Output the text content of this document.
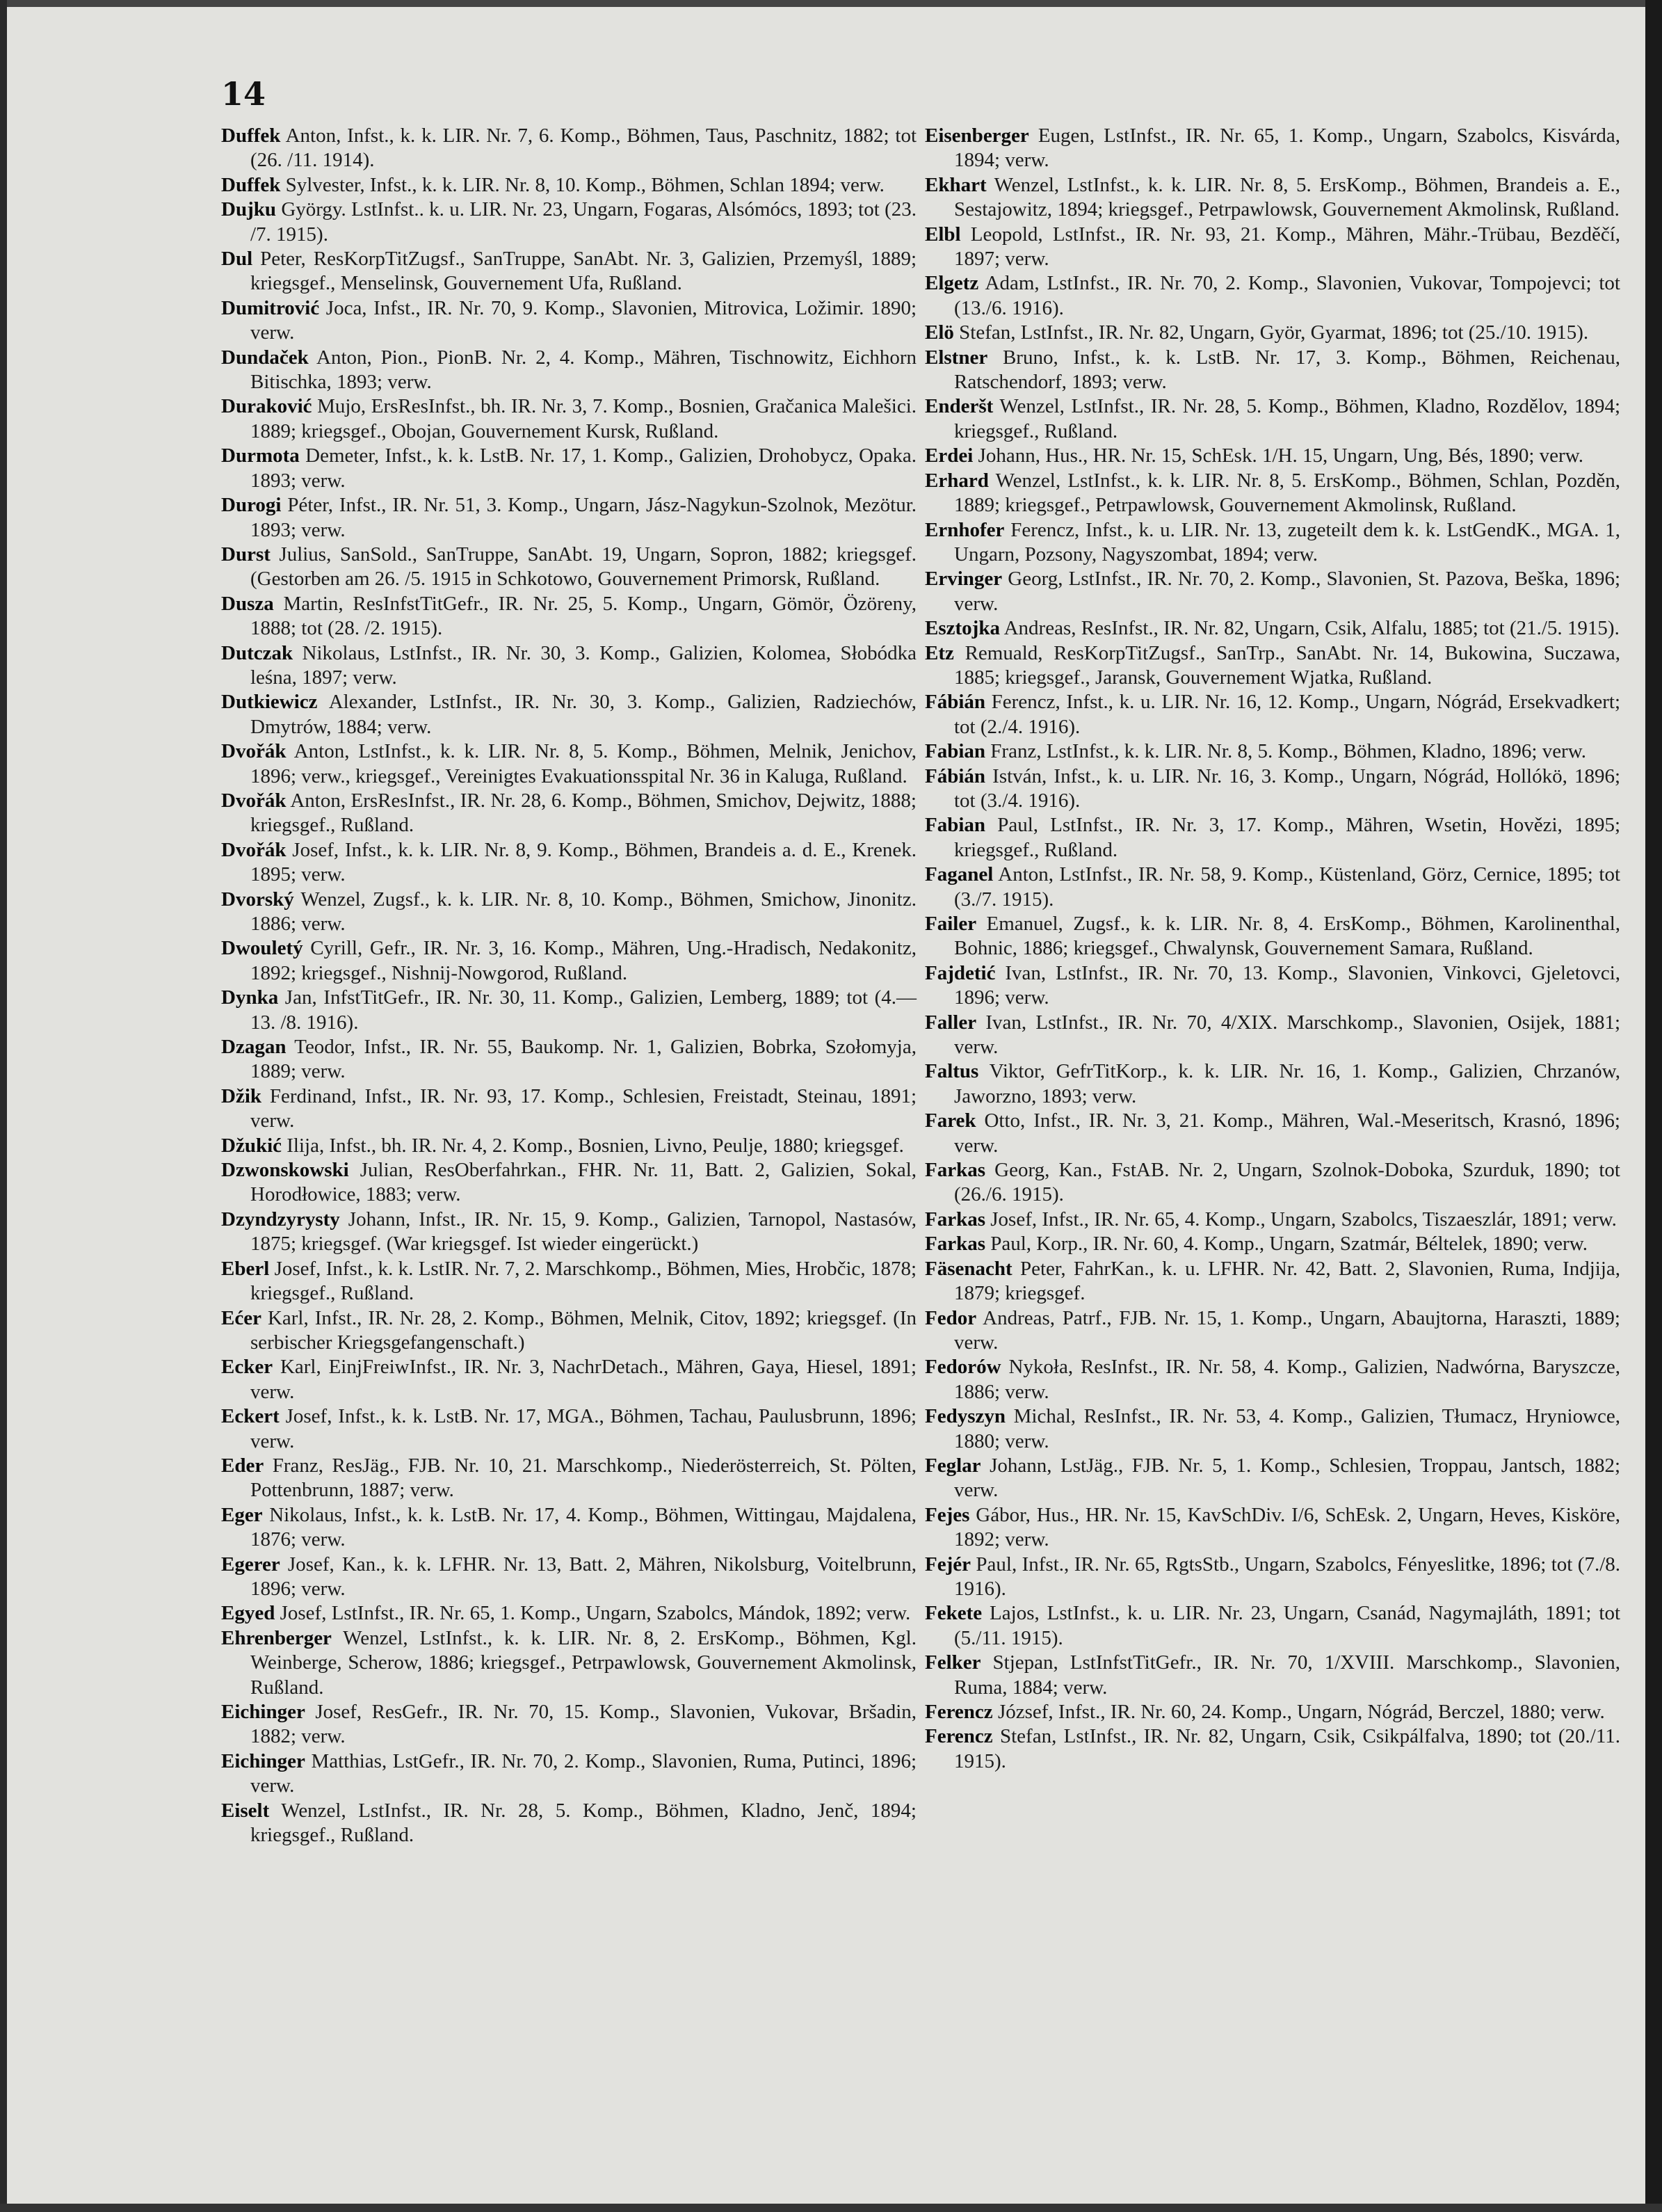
14

Duffek Anton, Infst., k. k. LIR. Nr. 7, 6. Komp., Böhmen, Taus, Paschnitz, 1882; tot (26. /11. 1914).

Duffek Sylvester, Infst., k. k. LIR. Nr. 8, 10. Komp., Böhmen, Schlan 1894; verw.

Dujku György. LstInfst.. k. u. LIR. Nr. 23, Ungarn, Fogaras, Alsómócs, 1893; tot (23. /7. 1915).

Dul Peter, ResKorpTitZugsf., SanTruppe, SanAbt. Nr. 3, Galizien, Przemyśl, 1889; kriegsgef., Menselinsk, Gouvernement Ufa, Rußland.

Dumitrović Joca, Infst., IR. Nr. 70, 9. Komp., Slavonien, Mitrovica, Ložimir. 1890; verw.

Dundaček Anton, Pion., PionB. Nr. 2, 4. Komp., Mähren, Tischnowitz, Eichhorn Bitischka, 1893; verw.

Duraković Mujo, ErsResInfst., bh. IR. Nr. 3, 7. Komp., Bosnien, Gračanica Malešici. 1889; kriegsgef., Obojan, Gouvernement Kursk, Rußland.

Durmota Demeter, Infst., k. k. LstB. Nr. 17, 1. Komp., Galizien, Drohobycz, Opaka. 1893; verw.

Durogi Péter, Infst., IR. Nr. 51, 3. Komp., Ungarn, Jász-Nagykun-Szolnok, Mezötur. 1893; verw.

Durst Julius, SanSold., SanTruppe, SanAbt. 19, Ungarn, Sopron, 1882; kriegsgef. (Gestorben am 26. /5. 1915 in Schkotowo, Gouvernement Primorsk, Rußland.

Dusza Martin, ResInfstTitGefr., IR. Nr. 25, 5. Komp., Ungarn, Gömör, Özöreny, 1888; tot (28. /2. 1915).

Dutczak Nikolaus, LstInfst., IR. Nr. 30, 3. Komp., Galizien, Kolomea, Słobódka leśna, 1897; verw.

Dutkiewicz Alexander, LstInfst., IR. Nr. 30, 3. Komp., Galizien, Radziechów, Dmytrów, 1884; verw.

Dvořák Anton, LstInfst., k. k. LIR. Nr. 8, 5. Komp., Böhmen, Melnik, Jenichov, 1896; verw., kriegsgef., Vereinigtes Evakuationsspital Nr. 36 in Kaluga, Rußland.

Dvořák Anton, ErsResInfst., IR. Nr. 28, 6. Komp., Böhmen, Smichov, Dejwitz, 1888; kriegsgef., Rußland.

Dvořák Josef, Infst., k. k. LIR. Nr. 8, 9. Komp., Böhmen, Brandeis a. d. E., Krenek. 1895; verw.

Dvorský Wenzel, Zugsf., k. k. LIR. Nr. 8, 10. Komp., Böhmen, Smichow, Jinonitz. 1886; verw.

Dwouletý Cyrill, Gefr., IR. Nr. 3, 16. Komp., Mähren, Ung.-Hradisch, Nedakonitz, 1892; kriegsgef., Nishnij-Nowgorod, Rußland.

Dynka Jan, InfstTitGefr., IR. Nr. 30, 11. Komp., Galizien, Lemberg, 1889; tot (4.—13. /8. 1916).

Dzagan Teodor, Infst., IR. Nr. 55, Baukomp. Nr. 1, Galizien, Bobrka, Szołomyja, 1889; verw.

Džik Ferdinand, Infst., IR. Nr. 93, 17. Komp., Schlesien, Freistadt, Steinau, 1891; verw.

Džukić Ilija, Infst., bh. IR. Nr. 4, 2. Komp., Bosnien, Livno, Peulje, 1880; kriegsgef.

Dzwonskowski Julian, ResOberfahrkan., FHR. Nr. 11, Batt. 2, Galizien, Sokal, Horodłowice, 1883; verw.

Dzyndzyrysty Johann, Infst., IR. Nr. 15, 9. Komp., Galizien, Tarnopol, Nastasów, 1875; kriegsgef. (War kriegsgef. Ist wieder eingerückt.)

Eberl Josef, Infst., k. k. LstIR. Nr. 7, 2. Marschkomp., Böhmen, Mies, Hrobčic, 1878; kriegsgef., Rußland.

Ećer Karl, Infst., IR. Nr. 28, 2. Komp., Böhmen, Melnik, Citov, 1892; kriegsgef. (In serbischer Kriegsgefangenschaft.)

Ecker Karl, EinjFreiwInfst., IR. Nr. 3, NachrDetach., Mähren, Gaya, Hiesel, 1891; verw.

Eckert Josef, Infst., k. k. LstB. Nr. 17, MGA., Böhmen, Tachau, Paulusbrunn, 1896; verw.

Eder Franz, ResJäg., FJB. Nr. 10, 21. Marschkomp., Niederösterreich, St. Pölten, Pottenbrunn, 1887; verw.

Eger Nikolaus, Infst., k. k. LstB. Nr. 17, 4. Komp., Böhmen, Wittingau, Majdalena, 1876; verw.

Egerer Josef, Kan., k. k. LFHR. Nr. 13, Batt. 2, Mähren, Nikolsburg, Voitelbrunn, 1896; verw.

Egyed Josef, LstInfst., IR. Nr. 65, 1. Komp., Ungarn, Szabolcs, Mándok, 1892; verw.

Ehrenberger Wenzel, LstInfst., k. k. LIR. Nr. 8, 2. ErsKomp., Böhmen, Kgl. Weinberge, Scherow, 1886; kriegsgef., Petrpawlowsk, Gouvernement Akmolinsk, Rußland.

Eichinger Josef, ResGefr., IR. Nr. 70, 15. Komp., Slavonien, Vukovar, Bršadin, 1882; verw.

Eichinger Matthias, LstGefr., IR. Nr. 70, 2. Komp., Slavonien, Ruma, Putinci, 1896; verw.

Eiselt Wenzel, LstInfst., IR. Nr. 28, 5. Komp., Böhmen, Kladno, Jenč, 1894; kriegsgef., Rußland.

Eisenberger Eugen, LstInfst., IR. Nr. 65, 1. Komp., Ungarn, Szabolcs, Kisvárda, 1894; verw.

Ekhart Wenzel, LstInfst., k. k. LIR. Nr. 8, 5. ErsKomp., Böhmen, Brandeis a. E., Sestajowitz, 1894; kriegsgef., Petrpawlowsk, Gouvernement Akmolinsk, Rußland.

Elbl Leopold, LstInfst., IR. Nr. 93, 21. Komp., Mähren, Mähr.-Trübau, Bezděčí, 1897; verw.

Elgetz Adam, LstInfst., IR. Nr. 70, 2. Komp., Slavonien, Vukovar, Tompojevci; tot (13./6. 1916).

Elö Stefan, LstInfst., IR. Nr. 82, Ungarn, Györ, Gyarmat, 1896; tot (25./10. 1915).

Elstner Bruno, Infst., k. k. LstB. Nr. 17, 3. Komp., Böhmen, Reichenau, Ratschendorf, 1893; verw.

Enderšt Wenzel, LstInfst., IR. Nr. 28, 5. Komp., Böhmen, Kladno, Rozdělov, 1894; kriegsgef., Rußland.

Erdei Johann, Hus., HR. Nr. 15, SchEsk. 1/H. 15, Ungarn, Ung, Bés, 1890; verw.

Erhard Wenzel, LstInfst., k. k. LIR. Nr. 8, 5. ErsKomp., Böhmen, Schlan, Pozděn, 1889; kriegsgef., Petrpawlowsk, Gouvernement Akmolinsk, Rußland.

Ernhofer Ferencz, Infst., k. u. LIR. Nr. 13, zugeteilt dem k. k. LstGendK., MGA. 1, Ungarn, Pozsony, Nagyszombat, 1894; verw.

Ervinger Georg, LstInfst., IR. Nr. 70, 2. Komp., Slavonien, St. Pazova, Beška, 1896; verw.

Esztojka Andreas, ResInfst., IR. Nr. 82, Ungarn, Csik, Alfalu, 1885; tot (21./5. 1915).

Etz Remuald, ResKorpTitZugsf., SanTrp., SanAbt. Nr. 14, Bukowina, Suczawa, 1885; kriegsgef., Jaransk, Gouvernement Wjatka, Rußland.

Fábián Ferencz, Infst., k. u. LIR. Nr. 16, 12. Komp., Ungarn, Nógrád, Ersekvadkert; tot (2./4. 1916).

Fabian Franz, LstInfst., k. k. LIR. Nr. 8, 5. Komp., Böhmen, Kladno, 1896; verw.

Fábián István, Infst., k. u. LIR. Nr. 16, 3. Komp., Ungarn, Nógrád, Hollókö, 1896; tot (3./4. 1916).

Fabian Paul, LstInfst., IR. Nr. 3, 17. Komp., Mähren, Wsetin, Hovězi, 1895; kriegsgef., Rußland.

Faganel Anton, LstInfst., IR. Nr. 58, 9. Komp., Küstenland, Görz, Cernice, 1895; tot (3./7. 1915).

Failer Emanuel, Zugsf., k. k. LIR. Nr. 8, 4. ErsKomp., Böhmen, Karolinenthal, Bohnic, 1886; kriegsgef., Chwalynsk, Gouvernement Samara, Rußland.

Fajdetić Ivan, LstInfst., IR. Nr. 70, 13. Komp., Slavonien, Vinkovci, Gjeletovci, 1896; verw.

Faller Ivan, LstInfst., IR. Nr. 70, 4/XIX. Marschkomp., Slavonien, Osijek, 1881; verw.

Faltus Viktor, GefrTitKorp., k. k. LIR. Nr. 16, 1. Komp., Galizien, Chrzanów, Jaworzno, 1893; verw.

Farek Otto, Infst., IR. Nr. 3, 21. Komp., Mähren, Wal.-Meseritsch, Krasnó, 1896; verw.

Farkas Georg, Kan., FstAB. Nr. 2, Ungarn, Szolnok-Doboka, Szurduk, 1890; tot (26./6. 1915).

Farkas Josef, Infst., IR. Nr. 65, 4. Komp., Ungarn, Szabolcs, Tiszaeszlár, 1891; verw.

Farkas Paul, Korp., IR. Nr. 60, 4. Komp., Ungarn, Szatmár, Béltelek, 1890; verw.

Fäsenacht Peter, FahrKan., k. u. LFHR. Nr. 42, Batt. 2, Slavonien, Ruma, Indjija, 1879; kriegsgef.

Fedor Andreas, Patrf., FJB. Nr. 15, 1. Komp., Ungarn, Abaujtorna, Haraszti, 1889; verw.

Fedorów Nykoła, ResInfst., IR. Nr. 58, 4. Komp., Galizien, Nadwórna, Baryszcze, 1886; verw.

Fedyszyn Michal, ResInfst., IR. Nr. 53, 4. Komp., Galizien, Tłumacz, Hryniowce, 1880; verw.

Feglar Johann, LstJäg., FJB. Nr. 5, 1. Komp., Schlesien, Troppau, Jantsch, 1882; verw.

Fejes Gábor, Hus., HR. Nr. 15, KavSchDiv. I/6, SchEsk. 2, Ungarn, Heves, Kisköre, 1892; verw.

Fejér Paul, Infst., IR. Nr. 65, RgtsStb., Ungarn, Szabolcs, Fényeslitke, 1896; tot (7./8. 1916).

Fekete Lajos, LstInfst., k. u. LIR. Nr. 23, Ungarn, Csanád, Nagymajláth, 1891; tot (5./11. 1915).

Felker Stjepan, LstInfstTitGefr., IR. Nr. 70, 1/XVIII. Marschkomp., Slavonien, Ruma, 1884; verw.

Ferencz József, Infst., IR. Nr. 60, 24. Komp., Ungarn, Nógrád, Berczel, 1880; verw.

Ferencz Stefan, LstInfst., IR. Nr. 82, Ungarn, Csik, Csikpálfalva, 1890; tot (20./11. 1915).
